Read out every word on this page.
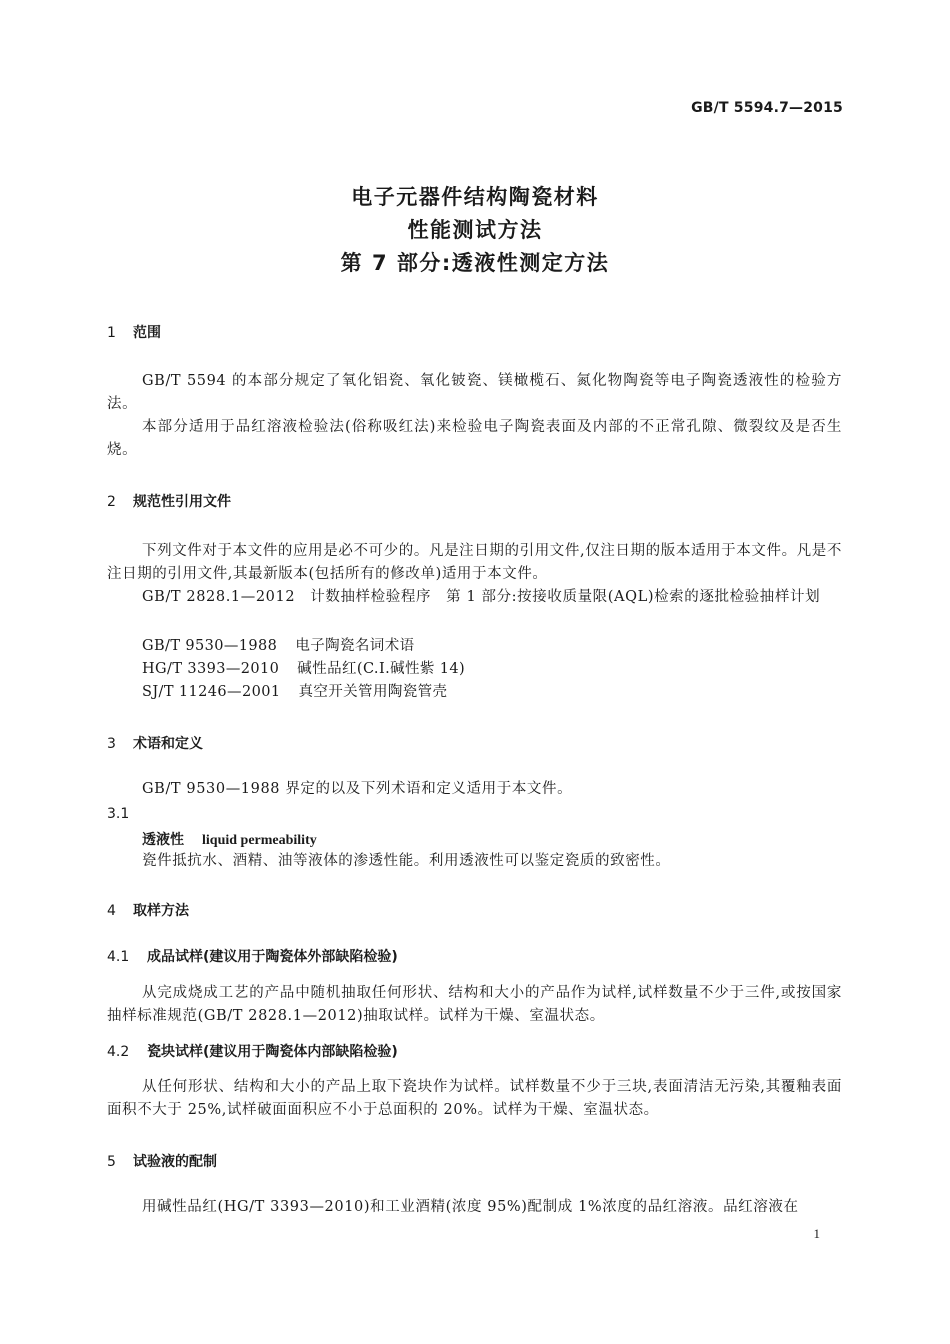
GB/T 5594.7—2015
电子元器件结构陶瓷材料
性能测试方法
第 7 部分:透液性测定方法
1 范围
GB/T 5594 的本部分规定了氧化铝瓷、氧化铍瓷、镁橄榄石、氮化物陶瓷等电子陶瓷透液性的检验方法。
本部分适用于品红溶液检验法(俗称吸红法)来检验电子陶瓷表面及内部的不正常孔隙、微裂纹及是否生烧。
2 规范性引用文件
下列文件对于本文件的应用是必不可少的。凡是注日期的引用文件,仅注日期的版本适用于本文件。凡是不注日期的引用文件,其最新版本(包括所有的修改单)适用于本文件。
GB/T 2828.1—2012　计数抽样检验程序　第 1 部分:按接收质量限(AQL)检索的逐批检验抽样计划
GB/T 9530—1988 电子陶瓷名词术语
HG/T 3393—2010 碱性品红(C.I.碱性紫 14)
SJ/T 11246—2001 真空开关管用陶瓷管壳
3 术语和定义
GB/T 9530—1988 界定的以及下列术语和定义适用于本文件。
3.1
透液性 liquid permeability
瓷件抵抗水、酒精、油等液体的渗透性能。利用透液性可以鉴定瓷质的致密性。
4 取样方法
4.1 成品试样(建议用于陶瓷体外部缺陷检验)
从完成烧成工艺的产品中随机抽取任何形状、结构和大小的产品作为试样,试样数量不少于三件,或按国家抽样标准规范(GB/T 2828.1—2012)抽取试样。试样为干燥、室温状态。
4.2 瓷块试样(建议用于陶瓷体内部缺陷检验)
从任何形状、结构和大小的产品上取下瓷块作为试样。试样数量不少于三块,表面清洁无污染,其覆釉表面面积不大于 25%,试样破面面积应不小于总面积的 20%。试样为干燥、室温状态。
5 试验液的配制
用碱性品红(HG/T 3393—2010)和工业酒精(浓度 95%)配制成 1%浓度的品红溶液。品红溶液在
1
